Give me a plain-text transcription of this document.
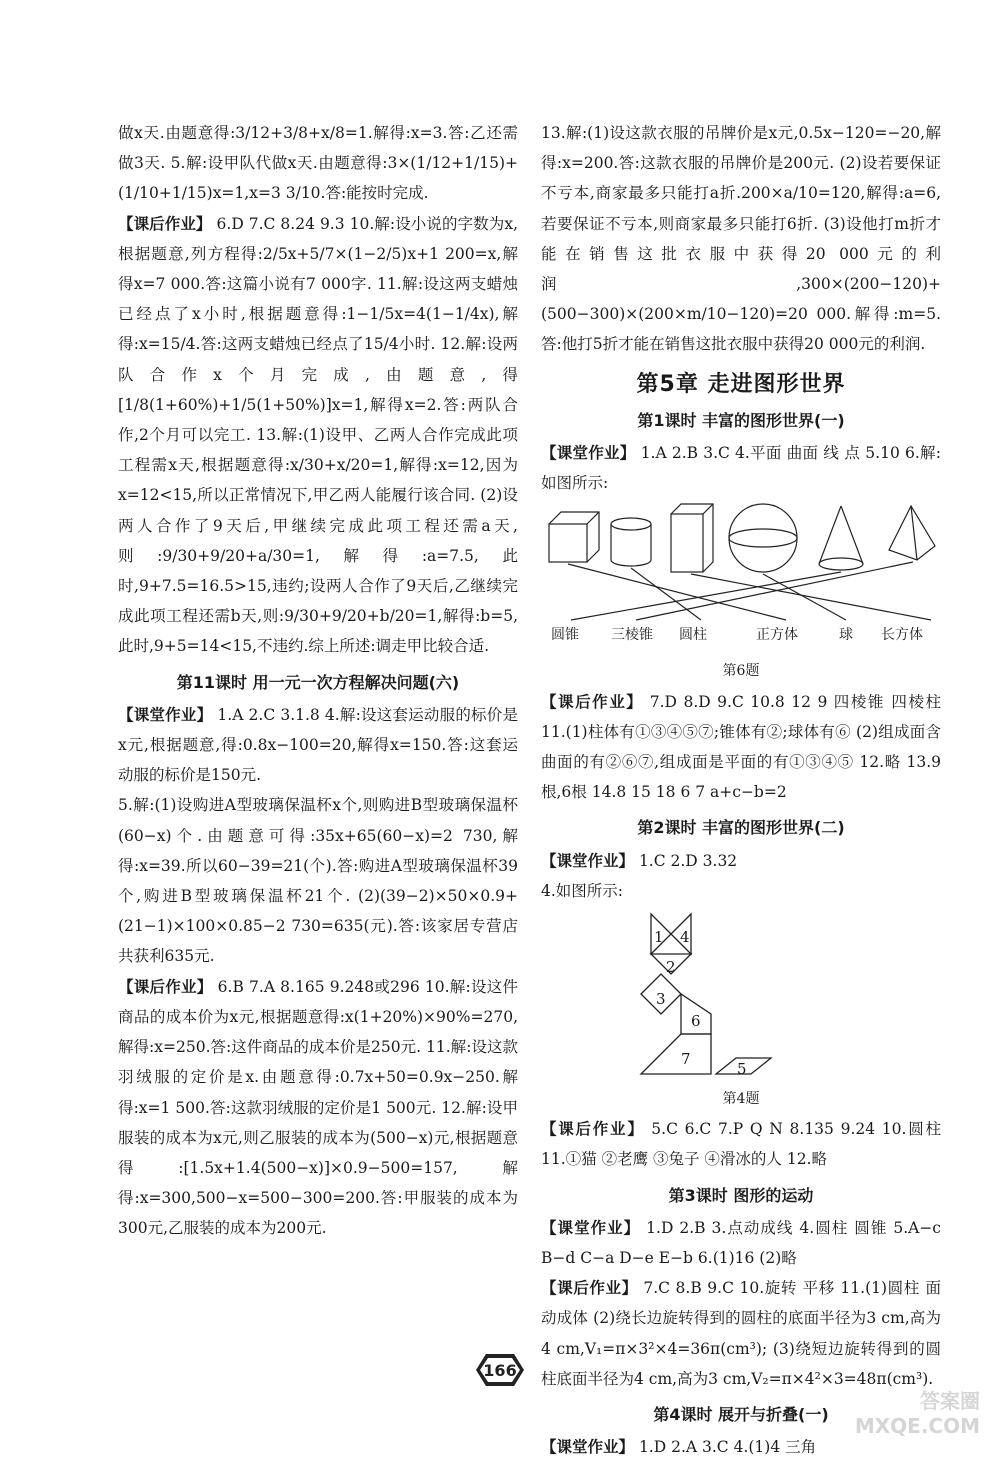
做x天.由题意得:3/12+3/8+x/8=1.解得:x=3.答:乙还需做3天. 5.解:设甲队代做x天.由题意得:3×(1/12+1/15)+(1/10+1/15)x=1,x=3 3/10.答:能按时完成.

【课后作业】 6.D 7.C 8.24 9.3 10.解:设小说的字数为x,根据题意,列方程得:2/5x+5/7×(1−2/5)x+1 200=x,解得x=7 000.答:这篇小说有7 000字. 11.解:设这两支蜡烛已经点了x小时,根据题意得:1−1/5x=4(1−1/4x),解得:x=15/4.答:这两支蜡烛已经点了15/4小时. 12.解:设两队合作x个月完成,由题意,得[1/8(1+60%)+1/5(1+50%)]x=1,解得x=2.答:两队合作,2个月可以完工. 13.解:(1)设甲、乙两人合作完成此项工程需x天,根据题意得:x/30+x/20=1,解得:x=12,因为x=12<15,所以正常情况下,甲乙两人能履行该合同. (2)设两人合作了9天后,甲继续完成此项工程还需a天,则:9/30+9/20+a/30=1,解得:a=7.5,此时,9+7.5=16.5>15,违约;设两人合作了9天后,乙继续完成此项工程还需b天,则:9/30+9/20+b/20=1,解得:b=5,此时,9+5=14<15,不违约.综上所述:调走甲比较合适.

第11课时 用一元一次方程解决问题(六)

【课堂作业】 1.A 2.C 3.1.8 4.解:设这套运动服的标价是x元,根据题意,得:0.8x−100=20,解得x=150.答:这套运动服的标价是150元.

5.解:(1)设购进A型玻璃保温杯x个,则购进B型玻璃保温杯(60−x)个.由题意可得:35x+65(60−x)=2 730,解得:x=39.所以60−39=21(个).答:购进A型玻璃保温杯39个,购进B型玻璃保温杯21个. (2)(39−2)×50×0.9+(21−1)×100×0.85−2 730=635(元).答:该家居专营店共获利635元.

【课后作业】 6.B 7.A 8.165 9.248或296 10.解:设这件商品的成本价为x元,根据题意得:x(1+20%)×90%=270,解得:x=250.答:这件商品的成本价是250元. 11.解:设这款羽绒服的定价是x.由题意得:0.7x+50=0.9x−250.解得:x=1 500.答:这款羽绒服的定价是1 500元. 12.解:设甲服装的成本为x元,则乙服装的成本为(500−x)元,根据题意得:[1.5x+1.4(500−x)]×0.9−500=157,解得:x=300,500−x=500−300=200.答:甲服装的成本为300元,乙服装的成本为200元.

13.解:(1)设这款衣服的吊牌价是x元,0.5x−120=−20,解得:x=200.答:这款衣服的吊牌价是200元. (2)设若要保证不亏本,商家最多只能打a折.200×a/10=120,解得:a=6,若要保证不亏本,则商家最多只能打6折. (3)设他打m折才能在销售这批衣服中获得20 000元的利润,300×(200−120)+(500−300)×(200×m/10−120)=20 000.解得:m=5.答:他打5折才能在销售这批衣服中获得20 000元的利润.

第5章 走进图形世界
第1课时 丰富的图形世界(一)

【课堂作业】 1.A 2.B 3.C 4.平面 曲面 线 点 5.10 6.解:如图所示:

圆锥 三棱锥 圆柱	正方体	球 长方体
第6题

【课后作业】 7.D 8.D 9.C 10.8 12 9 四棱锥 四棱柱 11.(1)柱体有①③④⑤⑦;锥体有②;球体有⑥ (2)组成面含曲面的有②⑥⑦,组成面是平面的有①③④⑤ 12.略 13.9根,6根 14.8 15 18 6 7 a+c−b=2

第2课时 丰富的图形世界(二)

【课堂作业】 1.C 2.D 3.32

4.如图所示:

1 4
2
3
6
7
5
第4题

【课后作业】 5.C 6.C 7.P Q N 8.135 9.24 10.圆柱 11.①猫 ②老鹰 ③兔子 ④滑冰的人 12.略

第3课时 图形的运动

【课堂作业】 1.D 2.B 3.点动成线 4.圆柱 圆锥 5.A−c B−d C−a D−e E−b 6.(1)16 (2)略

【课后作业】 7.C 8.B 9.C 10.旋转 平移 11.(1)圆柱 面动成体 (2)绕长边旋转得到的圆柱的底面半径为3 cm,高为4 cm,V₁=π×3²×4=36π(cm³); (3)绕短边旋转得到的圆柱底面半径为4 cm,高为3 cm,V₂=π×4²×3=48π(cm³).

第4课时 展开与折叠(一)

【课堂作业】 1.D 2.A 3.C 4.(1)4 三角

166
答案圈 MXQE.COM
